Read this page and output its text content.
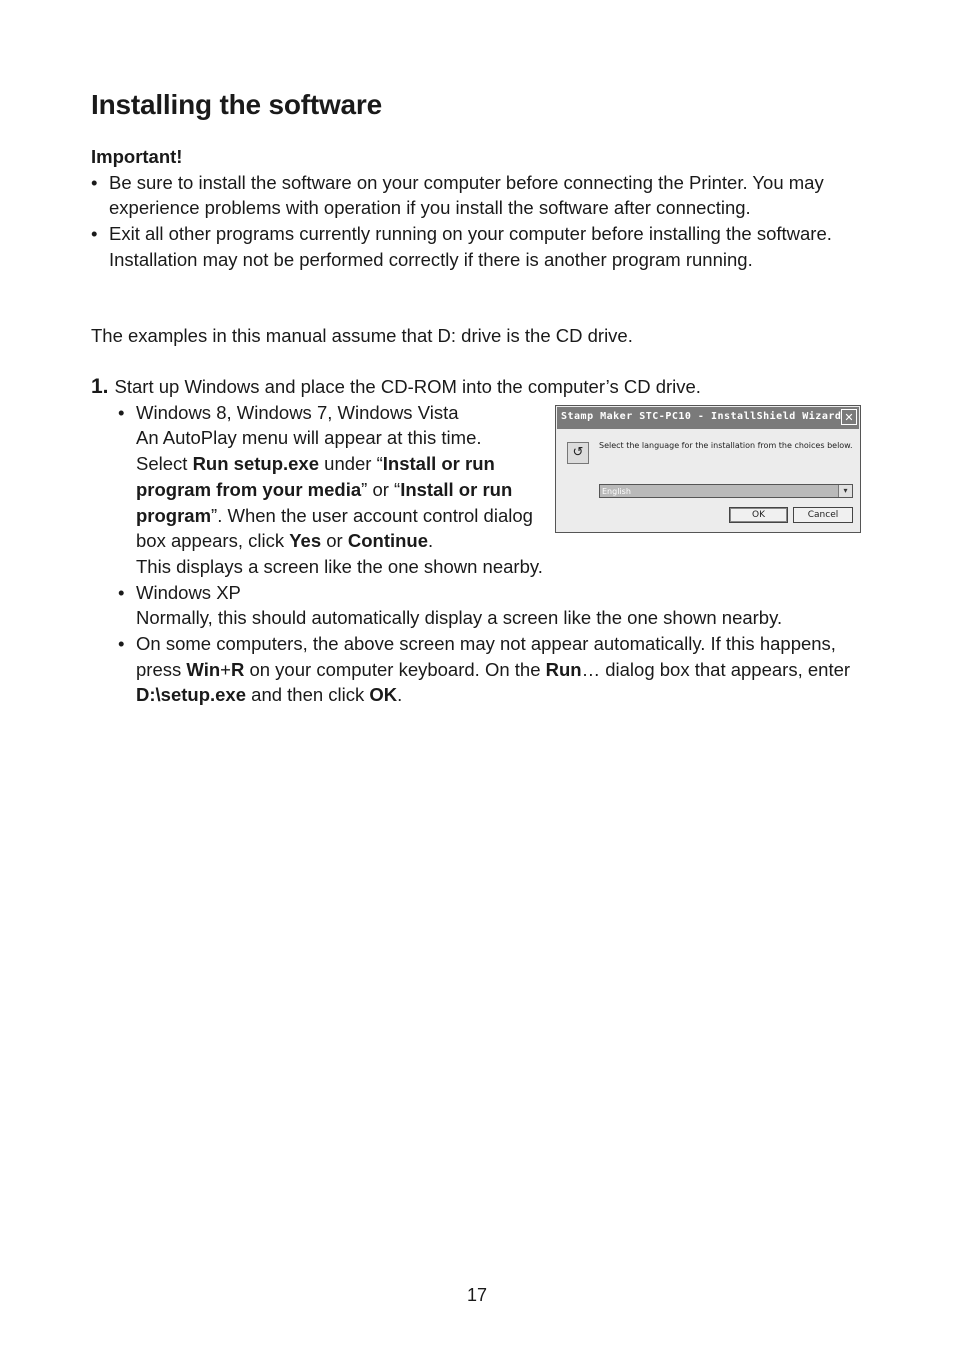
Installing the software
Important!
• Be sure to install the software on your computer before connecting the Printer. You may experience problems with operation if you install the software after connecting.
• Exit all other programs currently running on your computer before installing the software. Installation may not be performed correctly if there is another program running.
The examples in this manual assume that D: drive is the CD drive.
1. Start up Windows and place the CD-ROM into the computer’s CD drive.
• Windows 8, Windows 7, Windows Vista
An AutoPlay menu will appear at this time.
Select Run setup.exe under “Install or run program from your media” or “Install or run program”. When the user account control dialog box appears, click Yes or Continue.
This displays a screen like the one shown nearby.
• Windows XP
Normally, this should automatically display a screen like the one shown nearby.
• On some computers, the above screen may not appear automatically. If this happens, press Win+R on your computer keyboard. On the Run… dialog box that appears, enter D:\setup.exe and then click OK.
Stamp Maker STC-PC10 - InstallShield Wizard ✕
↺	Select the language for the installation from the choices below.
English	▾
OK	Cancel
17
